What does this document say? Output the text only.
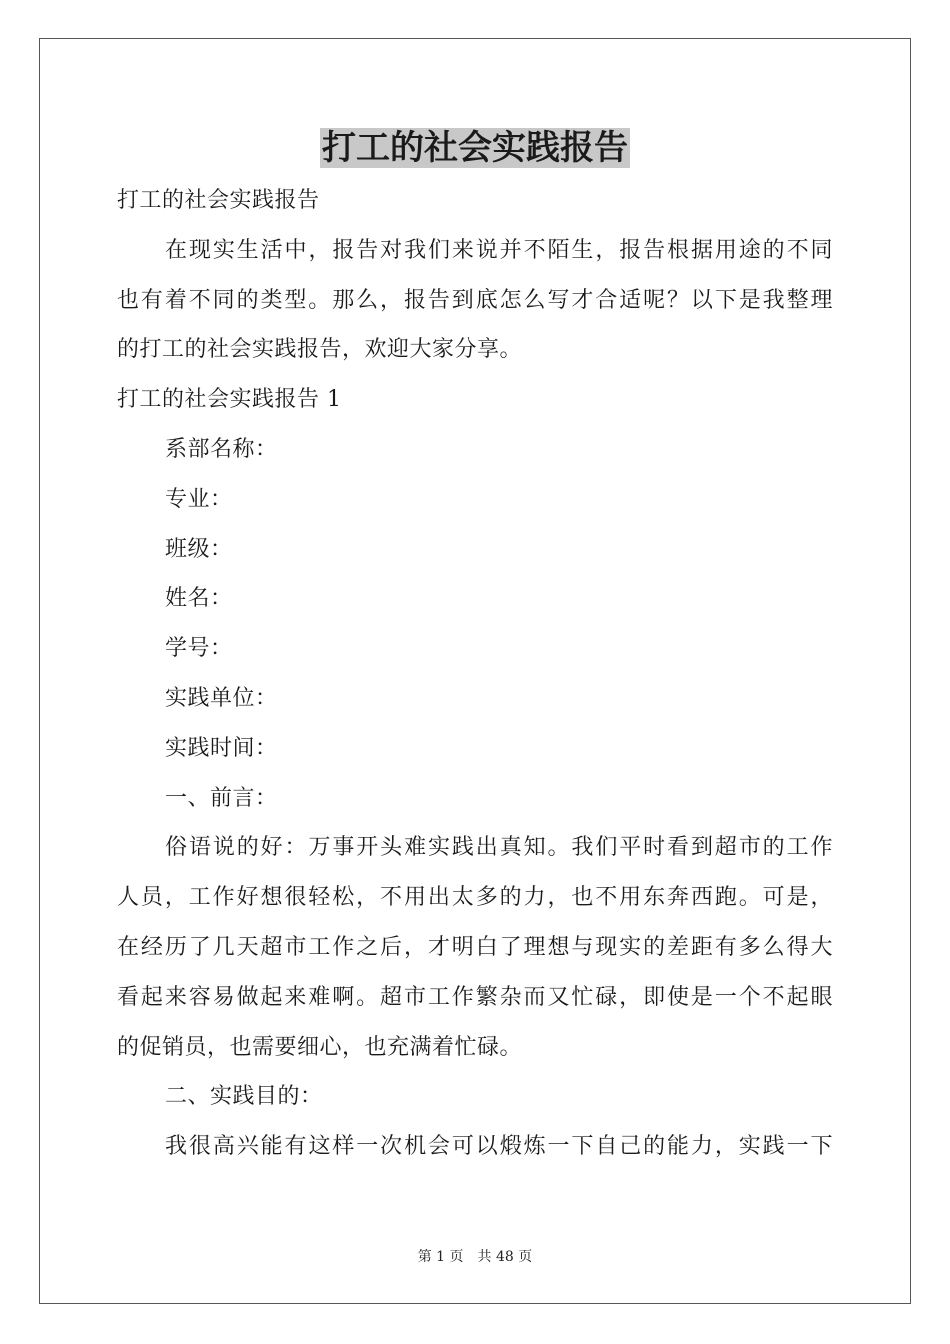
打工的社会实践报告
打工的社会实践报告
在现实生活中，报告对我们来说并不陌生，报告根据用途的不同
也有着不同的类型。那么，报告到底怎么写才合适呢？以下是我整理
的打工的社会实践报告，欢迎大家分享。
打工的社会实践报告 1
系部名称：
专业：
班级：
姓名：
学号：
实践单位：
实践时间：
一、前言：
俗语说的好：万事开头难实践出真知。我们平时看到超市的工作
人员，工作好想很轻松，不用出太多的力，也不用东奔西跑。可是，
在经历了几天超市工作之后，才明白了理想与现实的差距有多么得大
看起来容易做起来难啊。超市工作繁杂而又忙碌，即使是一个不起眼
的促销员，也需要细心，也充满着忙碌。
二、实践目的：
我很高兴能有这样一次机会可以煅炼一下自己的能力，实践一下
第 1 页 共 48 页
